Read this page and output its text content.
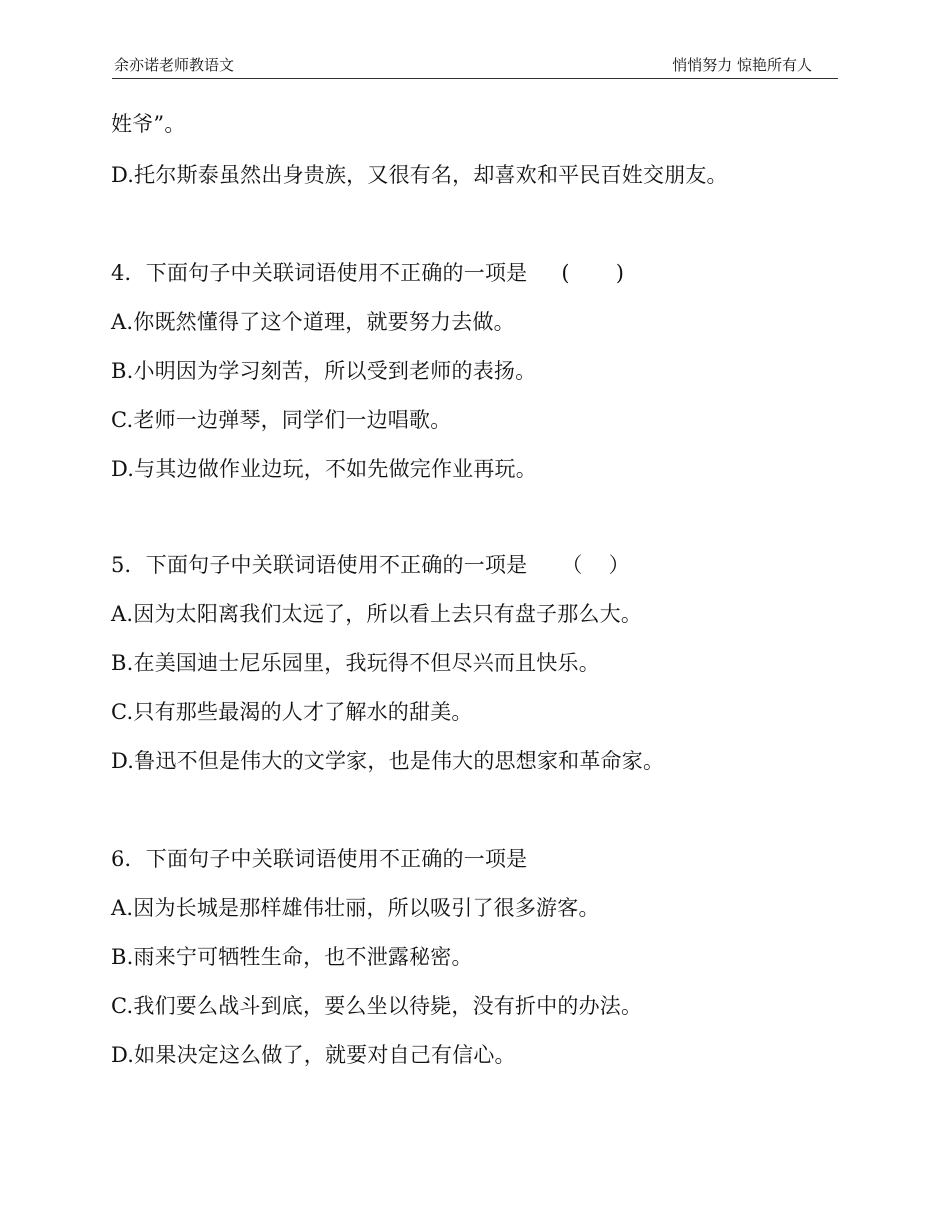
余亦诺老师教语文	悄悄努力 惊艳所有人
姓爷”。
D.托尔斯泰虽然出身贵族，又很有名，却喜欢和平民百姓交朋友。
4．下面句子中关联词语使用不正确的一项是 ( )
A.你既然懂得了这个道理，就要努力去做。
B.小明因为学习刻苦，所以受到老师的表扬。
C.老师一边弹琴，同学们一边唱歌。
D.与其边做作业边玩，不如先做完作业再玩。
5．下面句子中关联词语使用不正确的一项是 （ ）
A.因为太阳离我们太远了，所以看上去只有盘子那么大。
B.在美国迪士尼乐园里，我玩得不但尽兴而且快乐。
C.只有那些最渴的人才了解水的甜美。
D.鲁迅不但是伟大的文学家，也是伟大的思想家和革命家。
6．下面句子中关联词语使用不正确的一项是
A.因为长城是那样雄伟壮丽，所以吸引了很多游客。
B.雨来宁可牺牲生命，也不泄露秘密。
C.我们要么战斗到底，要么坐以待毙，没有折中的办法。
D.如果决定这么做了，就要对自己有信心。
